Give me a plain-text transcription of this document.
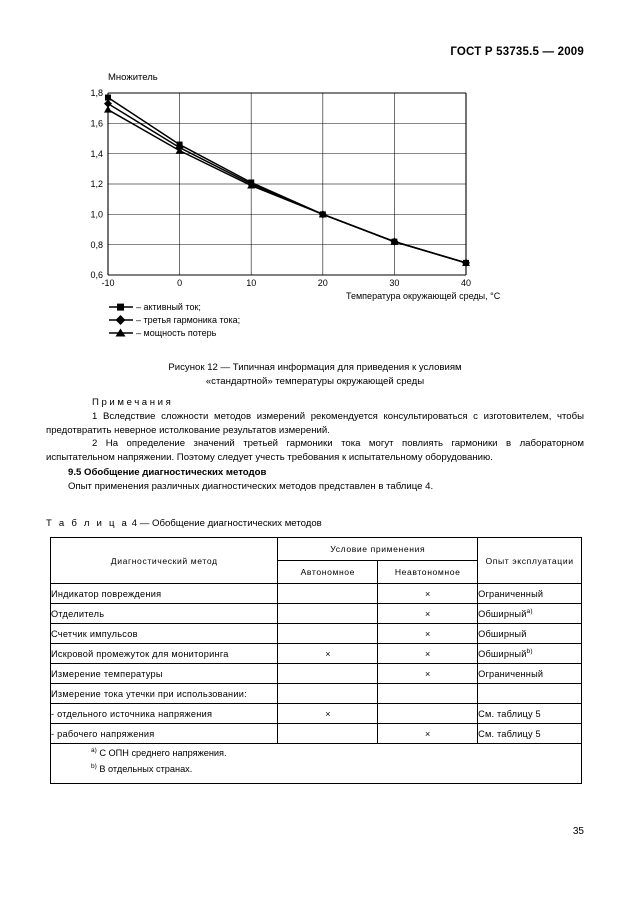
ГОСТ Р 53735.5 — 2009
Множитель
0,6
0,8
1,0
1,2
1,4
1,6
1,8
-10	0	10	20	30	40
Температура окружающей среды, °С
– активный ток;
– третья гармоника тока;
– мощность потерь
Рисунок 12 — Типичная информация для приведения к условиям
«стандартной» температуры окружающей среды
Примечания

1 Вследствие сложности методов измерений рекомендуется консультироваться с изготовителем, чтобы предотвратить неверное истолкование результатов измерений.

2 На определение значений третьей гармоники тока могут повлиять гармоники в лабораторном испытательном напряжении. Поэтому следует учесть требования к испытательному оборудованию.

9.5 Обобщение диагностических методов

Опыт применения различных диагностических методов представлен в таблице 4.

Т а б л и ц а 4 — Обобщение диагностических методов
Диагностический метод	Условие применения		Опыт эксплуатации
	Автономное	Неавтономное	
Индикатор повреждения		×	Ограниченный
Отделитель		×	Обширный$^{a)}$
Счетчик импульсов		×	Обширный
Искровой промежуток для мониторинга	×	×	Обширный$^{b)}$
Измерение температуры		×	Ограниченный
Измерение тока утечки при использовании:			
- отдельного источника напряжения	×		См. таблицу 5
- рабочего напряжения		×	См. таблицу 5

$^{a)}$ С ОПН среднего напряжения.
$^{b)}$ В отдельных странах.			
35
